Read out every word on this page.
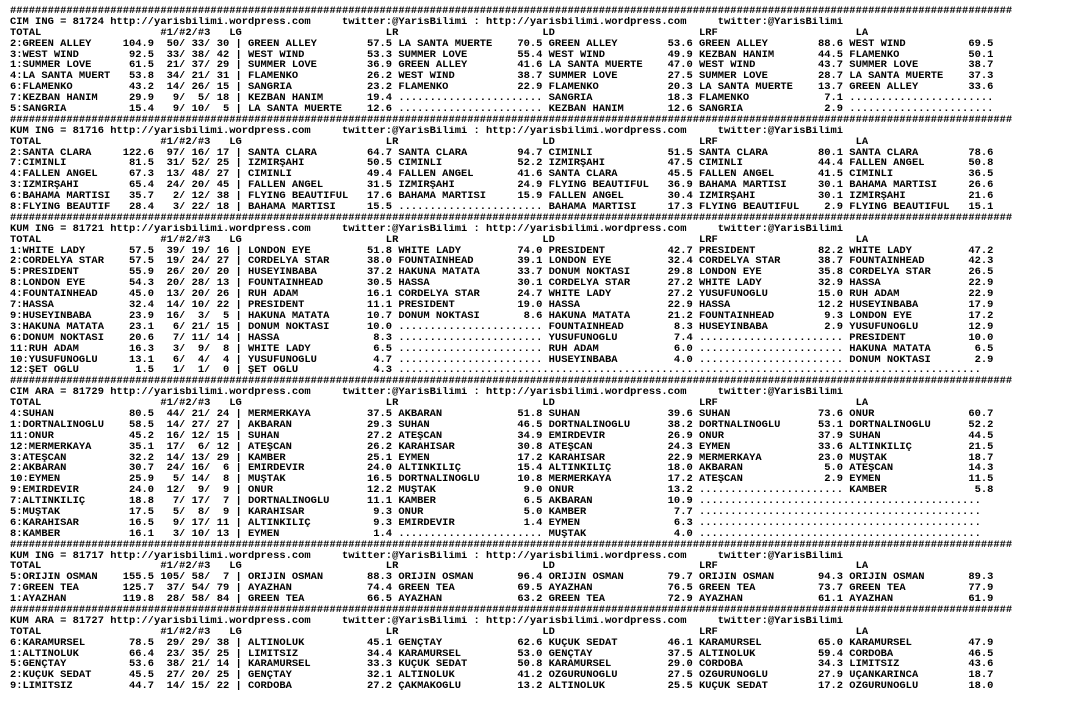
################################################################################################################################################################
CIM ING = 81724 http://yarisbilimi.wordpress.com     twitter:@YarisBilimi : http://yarisbilimi.wordpress.com     twitter:@YarisBilimi
TOTAL                   #1/#2/#3   LG                       LR                       LD                       LRF                      LA
2:GREEN ALLEY     104.9  50/ 33/ 30 | GREEN ALLEY        57.5 LA SANTA MUERTE    70.5 GREEN ALLEY        53.6 GREEN ALLEY        88.6 WEST WIND          69.5
3:WEST WIND        92.5  33/ 38/ 42 | WEST WIND          53.3 SUMMER LOVE        55.4 WEST WIND          49.9 KEZBAN HANIM       44.5 FLAMENKO           50.1
1:SUMMER LOVE      61.5  21/ 37/ 29 | SUMMER LOVE        36.9 GREEN ALLEY        41.6 LA SANTA MUERTE    47.0 WEST WIND          43.7 SUMMER LOVE        38.7
4:LA SANTA MUERT   53.8  34/ 21/ 31 | FLAMENKO           26.2 WEST WIND          38.7 SUMMER LOVE        27.5 SUMMER LOVE        28.7 LA SANTA MUERTE    37.3
6:FLAMENKO         43.2  14/ 26/ 15 | SANGRIA            23.2 FLAMENKO           22.9 FLAMENKO           20.3 LA SANTA MUERTE    13.7 GREEN ALLEY        33.6
7:KEZBAN HANIM     29.9   9/  5/ 18 | KEZBAN HANIM       19.4 ....................... SANGRIA            18.3 FLAMENKO            7.1 .......................
5:SANGRIA          15.4   9/ 10/  5 | LA SANTA MUERTE    12.6 ....................... KEZBAN HANIM       12.6 SANGRIA             2.9 .......................
################################################################################################################################################################
KUM ING = 81716 http://yarisbilimi.wordpress.com     twitter:@YarisBilimi : http://yarisbilimi.wordpress.com     twitter:@YarisBilimi
TOTAL                   #1/#2/#3   LG                       LR                       LD                       LRF                      LA
2:SANTA CLARA     122.6  97/ 16/ 17 | SANTA CLARA        64.7 SANTA CLARA        94.7 CİMİNLİ            51.5 SANTA CLARA        80.1 SANTA CLARA        78.6
7:CİMİNLİ          81.5  31/ 52/ 25 | İZMİRŞAHİ          50.5 CİMİNLİ            52.2 İZMİRŞAHİ          47.5 CİMİNLİ            44.4 FALLEN ANGEL       50.8
4:FALLEN ANGEL     67.3  13/ 48/ 27 | CİMİNLİ            49.4 FALLEN ANGEL       41.6 SANTA CLARA        45.5 FALLEN ANGEL       41.5 CİMİNLİ            36.5
3:İZMİRŞAHİ        65.4  24/ 20/ 45 | FALLEN ANGEL       31.5 İZMİRŞAHİ          24.9 FLYING BEAUTIFUL   36.9 BAHAMA MARTISI     30.1 BAHAMA MARTISI     26.6
6:BAHAMA MARTISI   35.7   2/ 12/ 38 | FLYING BEAUTIFUL   17.6 BAHAMA MARTISI     15.9 FALLEN ANGEL       30.4 İZMİRŞAHİ          30.1 İZMİRŞAHİ          21.6
8:FLYING BEAUTIF   28.4   3/ 22/ 18 | BAHAMA MARTISI     15.5 ....................... BAHAMA MARTISI     17.3 FLYING BEAUTIFUL    2.9 FLYING BEAUTIFUL   15.1
################################################################################################################################################################
KUM ING = 81721 http://yarisbilimi.wordpress.com     twitter:@YarisBilimi : http://yarisbilimi.wordpress.com     twitter:@YarisBilimi
TOTAL                   #1/#2/#3   LG                       LR                       LD                       LRF                      LA
1:WHITE LADY       57.5  39/ 19/ 16 | LONDON EYE         51.8 WHITE LADY         74.0 PRESIDENT          42.7 PRESIDENT          82.2 WHITE LADY         47.2
2:CORDELYA STAR    57.5  19/ 24/ 27 | CORDELYA STAR      38.0 FOUNTAINHEAD       39.1 LONDON EYE         32.4 CORDELYA STAR      38.7 FOUNTAINHEAD       42.3
5:PRESIDENT        55.9  26/ 20/ 20 | HÜSEYİNBABA        37.2 HAKUNA MATATA      33.7 DÖNÜM NOKTASI      29.8 LONDON EYE         35.8 CORDELYA STAR      26.5
8:LONDON EYE       54.3  20/ 28/ 13 | FOUNTAINHEAD       30.5 HASSA              30.1 CORDELYA STAR      27.2 WHITE LADY         32.9 HASSA              22.9
4:FOUNTAINHEAD     45.0  13/ 20/ 26 | RUH ADAM           16.1 CORDELYA STAR      24.7 WHITE LADY         27.2 YUSUFUNOĞLU        15.0 RUH ADAM           22.9
7:HASSA            32.4  14/ 10/ 22 | PRESIDENT          11.1 PRESIDENT          19.0 HASSA              22.9 HASSA              12.2 HÜSEYİNBABA        17.9
9:HÜSEYİNBABA      23.9  16/  3/  5 | HAKUNA MATATA      10.7 DÖNÜM NOKTASI       8.6 HAKUNA MATATA      21.2 FOUNTAINHEAD        9.3 LONDON EYE         17.2
3:HAKUNA MATATA    23.1   6/ 21/ 15 | DÖNÜM NOKTASI      10.0 ....................... FOUNTAINHEAD        8.3 HÜSEYİNBABA         2.9 YUSUFUNOĞLU        12.9
6:DÖNÜM NOKTASI    20.6   7/ 11/ 14 | HASSA               8.3 ....................... YUSUFUNOĞLU         7.4 ....................... PRESIDENT          10.0
11:RUH ADAM        16.3   3/  9/  8 | WHITE LADY          6.5 ....................... RUH ADAM            6.0 ....................... HAKUNA MATATA       6.5
10:YUSUFUNOĞLU     13.1   6/  4/  4 | YUSUFUNOĞLU         4.7 ....................... HÜSEYİNBABA         4.0 ....................... DÖNÜM NOKTASI       2.9
12:ŞET OĞLU         1.5   1/  1/  0 | ŞET OĞLU            4.3 .............................................................................................
################################################################################################################################################################
CIM ARA = 81729 http://yarisbilimi.wordpress.com     twitter:@YarisBilimi : http://yarisbilimi.wordpress.com     twitter:@YarisBilimi
TOTAL                   #1/#2/#3   LG                       LR                       LD                       LRF                      LA
4:SÜHAN            80.5  44/ 21/ 24 | MERMERKAYA         37.5 AKBARAN            51.8 SÜHAN              39.6 SÜHAN              73.6 ONUR               60.7
1:DÖRTNALINOĞLU    58.5  14/ 27/ 27 | AKBARAN            29.3 SÜHAN              46.5 DÖRTNALINOĞLU      38.2 DÖRTNALINOĞLU      53.1 DÖRTNALINOĞLU      52.2
11:ONUR            45.2  16/ 12/ 15 | SÜHAN              27.2 ATEŞCAN            34.9 EMİRDEVİR          26.9 ONUR               37.9 SÜHAN              44.5
12:MERMERKAYA      35.1  17/  6/ 12 | ATEŞCAN            26.2 KARAHİSAR          30.8 ATEŞCAN            24.3 EYMEN              33.6 ALTINKILIÇ         21.5
3:ATEŞCAN          32.2  14/ 13/ 29 | KAMBER             25.1 EYMEN              17.2 KARAHİSAR          22.9 MERMERKAYA         23.0 MUŞTAK             18.7
2:AKBARAN          30.7  24/ 16/  6 | EMİRDEVİR          24.0 ALTINKILIÇ         15.4 ALTINKILIÇ         18.0 AKBARAN             5.0 ATEŞCAN            14.3
10:EYMEN           25.9   5/ 14/  8 | MUŞTAK             16.5 DÖRTNALINOĞLU      10.8 MERMERKAYA         17.2 ATEŞCAN             2.9 EYMEN              11.5
9:EMİRDEVİR        24.0  12/  9/  9 | ONUR               12.2 MUŞTAK              9.0 ONUR               13.2 ....................... KAMBER              5.8
7:ALTINKILIÇ       18.8   7/ 17/  7 | DÖRTNALINOĞLU      11.1 KAMBER              6.5 AKBARAN            10.9 .............................................
5:MUŞTAK           17.5   5/  8/  9 | KARAHİSAR           9.3 ONUR                5.0 KAMBER              7.7 .............................................
6:KARAHİSAR        16.5   9/ 17/ 11 | ALTINKILIÇ          9.3 EMİRDEVİR           1.4 EYMEN               6.3 .............................................
8:KAMBER           16.1   3/ 10/ 13 | EYMEN               1.4 ....................... MUŞTAK              4.0 .............................................
################################################################################################################################################################
KUM ING = 81717 http://yarisbilimi.wordpress.com     twitter:@YarisBilimi : http://yarisbilimi.wordpress.com     twitter:@YarisBilimi
TOTAL                   #1/#2/#3   LG                       LR                       LD                       LRF                      LA
5:ORİJİN OSMAN    155.5 105/ 58/  7 | ORİJİN OSMAN       88.3 ORİJİN OSMAN       96.4 ORİJİN OSMAN       79.7 ORİJİN OSMAN       94.3 ORİJİN OSMAN       89.3
7:GREEN TEA       125.7  37/ 54/ 79 | AYAZHAN            74.4 GREEN TEA          69.5 AYAZHAN            76.5 GREEN TEA          73.7 GREEN TEA          77.9
1:AYAZHAN         119.8  28/ 58/ 84 | GREEN TEA          66.5 AYAZHAN            63.2 GREEN TEA          72.9 AYAZHAN            61.1 AYAZHAN            61.9
################################################################################################################################################################
KUM ARA = 81727 http://yarisbilimi.wordpress.com     twitter:@YarisBilimi : http://yarisbilimi.wordpress.com     twitter:@YarisBilimi
TOTAL                   #1/#2/#3   LG                       LR                       LD                       LRF                      LA
6:KARAMÜRSEL       78.5  29/ 29/ 38 | ALTINOLUK          45.1 GENÇTAY            62.6 KÜÇÜK SEDAT        46.1 KARAMÜRSEL         65.0 KARAMÜRSEL         47.9
1:ALTINOLUK        66.4  23/ 35/ 25 | LİMİTSİZ           34.4 KARAMÜRSEL         53.0 GENÇTAY            37.5 ALTINOLUK          59.4 CORDOBA            46.5
5:GENÇTAY          53.6  38/ 21/ 14 | KARAMÜRSEL         33.3 KÜÇÜK SEDAT        50.8 KARAMÜRSEL         29.0 CORDOBA            34.3 LİMİTSİZ           43.6
2:KÜÇÜK SEDAT      45.5  27/ 20/ 25 | GENÇTAY            32.1 ALTINOLUK          41.2 ÖZGÜRÜNOĞLU        27.5 ÖZGÜRÜNOĞLU        27.9 UÇANKARINCA        18.7
9:LİMİTSİZ         44.7  14/ 15/ 22 | CORDOBA            27.2 ÇAKMAKOĞLU         13.2 ALTINOLUK          25.5 KÜÇÜK SEDAT        17.2 ÖZGÜRÜNOĞLU        18.0
